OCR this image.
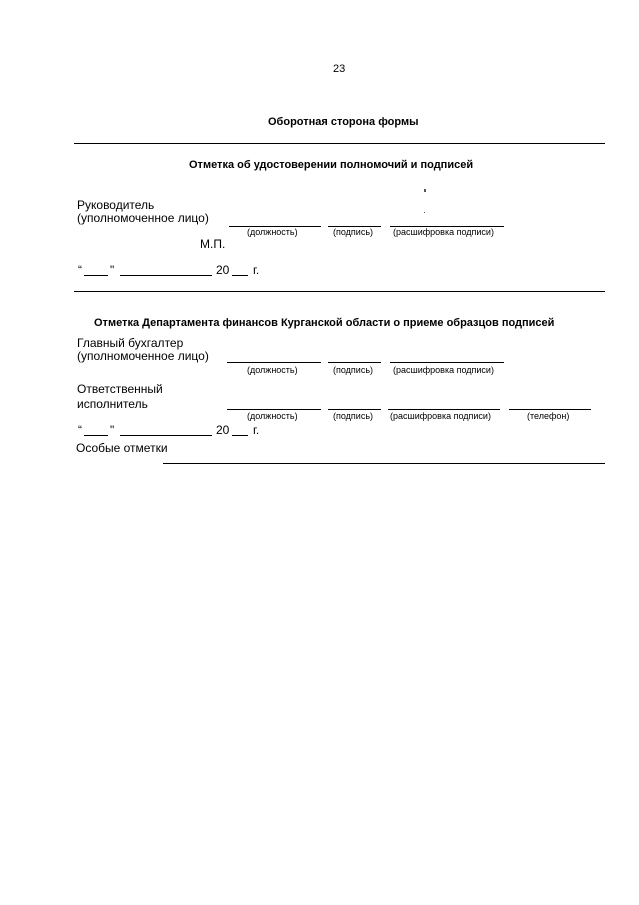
23
Оборотная сторона формы
Отметка об удостоверении полномочий и подписей
Руководитель
(уполномоченное лицо)
(должность)	(подпись) (расшифровка подписи)
М.П.
“ "	20 г.
Отметка Департамента финансов Курганской области о приеме образцов подписей
Главный бухгалтер
(уполномоченное лицо)
(должность)	(подпись) (расшифровка подписи)
Ответственный
исполнитель
(должность)	(подпись) (расшифровка подписи)	(телефон)
“ "	20 г.
Особые отметки
